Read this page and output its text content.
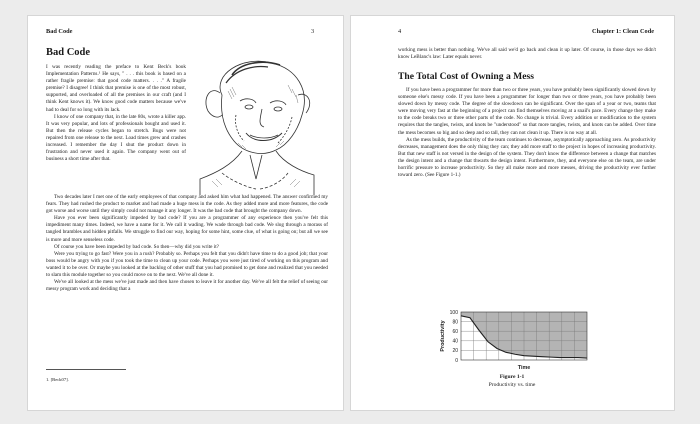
Bad Code	3
Bad Code

I was recently reading the preface to Kent Beck's book Implementation Patterns.¹ He says, " . . . this book is based on a rather fragile premise: that good code matters. . . ." A fragile premise? I disagree! I think that premise is one of the most robust, supported, and overloaded of all the premises in our craft (and I think Kent knows it). We know good code matters because we've had to deal for so long with its lack.

I know of one company that, in the late 80s, wrote a killer app. It was very popular, and lots of professionals bought and used it. But then the release cycles began to stretch. Bugs were not repaired from one release to the next. Load times grew and crashes increased. I remember the day I shut the product down in frustration and never used it again. The company went out of business a short time after that.

Two decades later I met one of the early employees of that company and asked him what had happened. The answer confirmed my fears. They had rushed the product to market and had made a huge mess in the code. As they added more and more features, the code got worse and worse until they simply could not manage it any longer. It was the bad code that brought the company down.

Have you ever been significantly impeded by bad code? If you are a programmer of any experience then you've felt this impediment many times. Indeed, we have a name for it. We call it wading. We wade through bad code. We slog through a morass of tangled brambles and hidden pitfalls. We struggle to find our way, hoping for some hint, some clue, of what is going on; but all we see is more and more senseless code.

Of course you have been impeded by bad code. So then—why did you write it?

Were you trying to go fast? Were you in a rush? Probably so. Perhaps you felt that you didn't have time to do a good job; that your boss would be angry with you if you took the time to clean up your code. Perhaps you were just tired of working on this program and wanted it to be over. Or maybe you looked at the backlog of other stuff that you had promised to get done and realized that you needed to slam this module together so you could move on to the next. We've all done it.

We've all looked at the mess we've just made and then have chosen to leave it for another day. We've all felt the relief of seeing our messy program work and deciding that a

1. [Beck07].
4	Chapter 1: Clean Code

working mess is better than nothing. We've all said we'd go back and clean it up later. Of course, in those days we didn't know LeBlanc's law: Later equals never.

The Total Cost of Owning a Mess

If you have been a programmer for more than two or three years, you have probably been significantly slowed down by someone else's messy code. If you have been a programmer for longer than two or three years, you have probably been slowed down by messy code. The degree of the slowdown can be significant. Over the span of a year or two, teams that were moving very fast at the beginning of a project can find themselves moving at a snail's pace. Every change they make to the code breaks two or three other parts of the code. No change is trivial. Every addition or modification to the system requires that the tangles, twists, and knots be "understood" so that more tangles, twists, and knots can be added. Over time the mess becomes so big and so deep and so tall, they can not clean it up. There is no way at all.

As the mess builds, the productivity of the team continues to decrease, asymptotically approaching zero. As productivity decreases, management does the only thing they can; they add more staff to the project in hopes of increasing productivity. But that new staff is not versed in the design of the system. They don't know the difference between a change that matches the design intent and a change that thwarts the design intent. Furthermore, they, and everyone else on the team, are under horrific pressure to increase productivity. So they all make more and more messes, driving the productivity ever further toward zero. (See Figure 1-1.)

0
20
40
60
80
100
Productivity
Time
Figure 1-1
Productivity vs. time
